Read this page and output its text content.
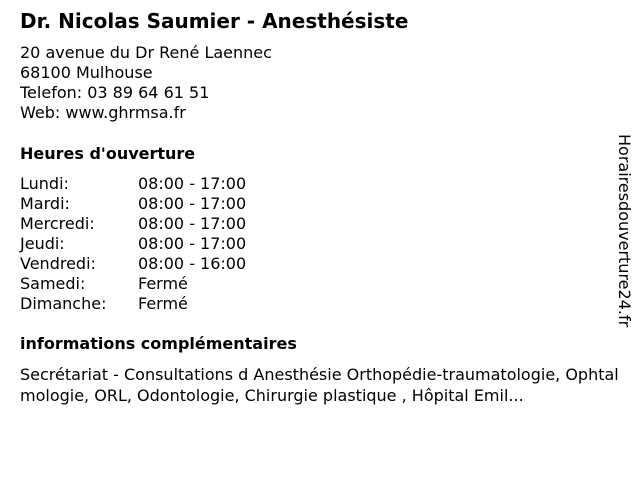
Dr. Nicolas Saumier - Anesthésiste
20 avenue du Dr René Laennec
68100 Mulhouse
Telefon: 03 89 64 61 51
Web: www.ghrmsa.fr
Heures d'ouverture
Lundi:	08:00 - 17:00
Mardi:	08:00 - 17:00
Mercredi:	08:00 - 17:00
Jeudi:	08:00 - 17:00
Vendredi:	08:00 - 16:00
Samedi:	Fermé
Dimanche: Fermé
informations complémentaires
Secrétariat - Consultations d Anesthésie Orthopédie-traumatologie, Ophtalmologie, ORL, Odontologie, Chirurgie plastique , Hôpital Emil...
Horairesdouverture24.fr
